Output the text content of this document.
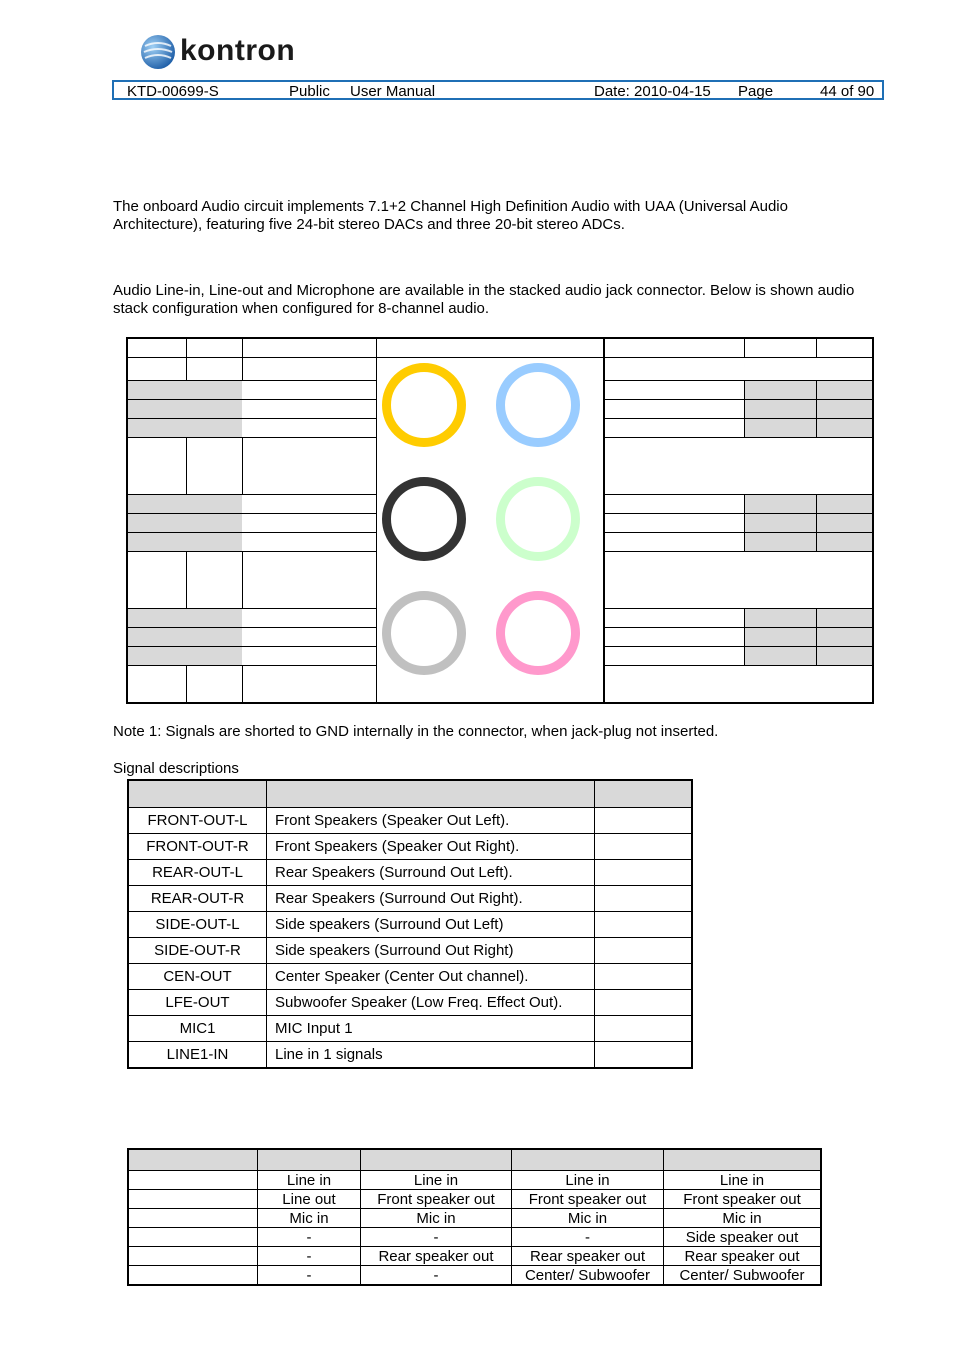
kontron
KTD-00699-S	Public User Manual	Date: 2010-04-15 Page	44 of 90

The onboard Audio circuit implements 7.1+2 Channel High Definition Audio with UAA (Universal Audio Architecture), featuring five 24-bit stereo DACs and three 20-bit stereo ADCs.

Audio Line-in, Line-out and Microphone are available in the stacked audio jack connector. Below is shown audio stack configuration when configured for 8-channel audio.

Note 1: Signals are shorted to GND internally in the connector, when jack-plug not inserted.

Signal descriptions

FRONT-OUT-L	Front Speakers (Speaker Out Left).	
FRONT-OUT-R	Front Speakers (Speaker Out Right).	
REAR-OUT-L	Rear Speakers (Surround Out Left).	
REAR-OUT-R	Rear Speakers (Surround Out Right).	
SIDE-OUT-L	Side speakers (Surround Out Left)	
SIDE-OUT-R	Side speakers (Surround Out Right)	
CEN-OUT	Center Speaker (Center Out channel).	
LFE-OUT	Subwoofer Speaker (Low Freq. Effect Out).	
MIC1	MIC Input 1	
LINE1-IN	Line in 1 signals	

	Line in	Line in	Line in	Line in
	Line out	Front speaker out	Front speaker out	Front speaker out
	Mic in	Mic in	Mic in	Mic in
	-	-	-	Side speaker out
	-	Rear speaker out	Rear speaker out	Rear speaker out
	-	-	Center/ Subwoofer	Center/ Subwoofer
